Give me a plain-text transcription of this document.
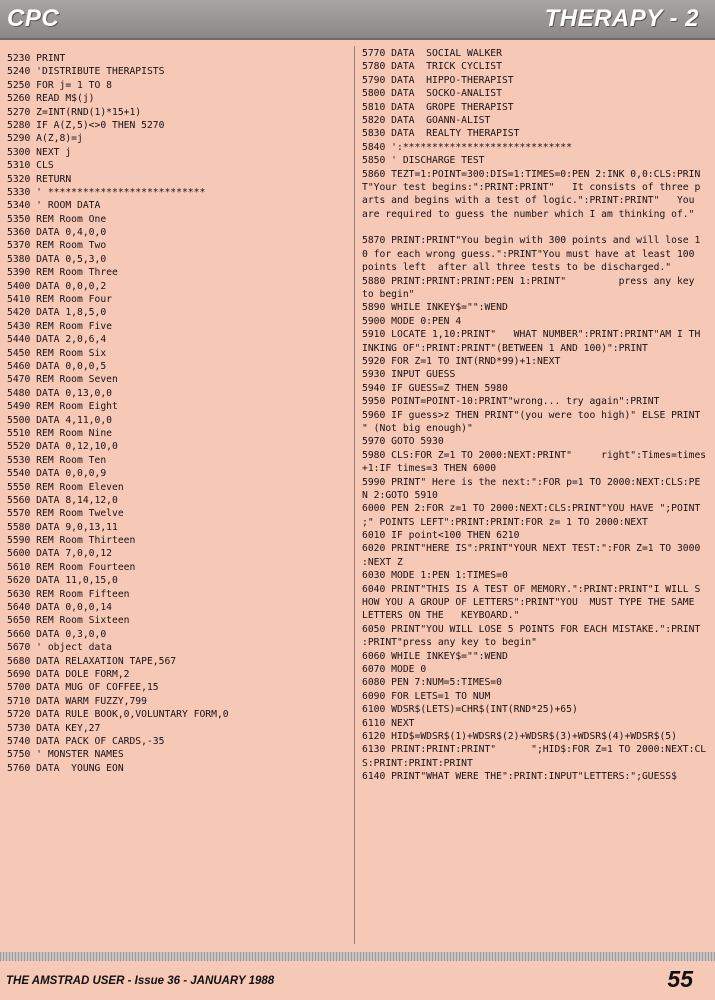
CPC	THERAPY - 2
5230 PRINT
5240 'DISTRIBUTE THERAPISTS
5250 FOR j= 1 TO 8
5260 READ M$(j)
5270 Z=INT(RND(1)*15+1)
5280 IF A(Z,5)<>0 THEN 5270
5290 A(Z,8)=j
5300 NEXT j
5310 CLS
5320 RETURN
5330 ' ***************************
5340 ' ROOM DATA
5350 REM Room One
5360 DATA 0,4,0,0
5370 REM Room Two
5380 DATA 0,5,3,0
5390 REM Room Three
5400 DATA 0,0,0,2
5410 REM Room Four
5420 DATA 1,8,5,0
5430 REM Room Five
5440 DATA 2,0,6,4
5450 REM Room Six
5460 DATA 0,0,0,5
5470 REM Room Seven
5480 DATA 0,13,0,0
5490 REM Room Eight
5500 DATA 4,11,0,0
5510 REM Room Nine
5520 DATA 0,12,10,0
5530 REM Room Ten
5540 DATA 0,0,0,9
5550 REM Room Eleven
5560 DATA 8,14,12,0
5570 REM Room Twelve
5580 DATA 9,0,13,11
5590 REM Room Thirteen
5600 DATA 7,0,0,12
5610 REM Room Fourteen
5620 DATA 11,0,15,0
5630 REM Room Fifteen
5640 DATA 0,0,0,14
5650 REM Room Sixteen
5660 DATA 0,3,0,0
5670 ' object data
5680 DATA RELAXATION TAPE,567
5690 DATA DOLE FORM,2
5700 DATA MUG OF COFFEE,15
5710 DATA WARM FUZZY,799
5720 DATA RULE BOOK,0,VOLUNTARY FORM,0
5730 DATA KEY,27
5740 DATA PACK OF CARDS,-35
5750 ' MONSTER NAMES
5760 DATA  YOUNG EON
5770 DATA  SOCIAL WALKER
5780 DATA  TRICK CYCLIST
5790 DATA  HIPPO-THERAPIST
5800 DATA  SOCKO-ANALIST
5810 DATA  GROPE THERAPIST
5820 DATA  GOANN-ALIST
5830 DATA  REALTY THERAPIST
5840 ':*****************************
5850 ' DISCHARGE TEST
5860 TEZT=1:POINT=300:DIS=1:TIMES=0:PEN 2:INK 0,0:CLS:PRIN
T"Your test begins:":PRINT:PRINT"   It consists of three p
arts and begins with a test of logic.":PRINT:PRINT"   You
are required to guess the number which I am thinking of."
5870 PRINT:PRINT"You begin with 300 points and will lose 1
0 for each wrong guess.":PRINT"You must have at least 100
points left  after all three tests to be discharged."
5880 PRINT:PRINT:PRINT:PEN 1:PRINT"         press any key
to begin"
5890 WHILE INKEY$="":WEND
5900 MODE 0:PEN 4
5910 LOCATE 1,10:PRINT"   WHAT NUMBER":PRINT:PRINT"AM I TH
INKING OF":PRINT:PRINT"(BETWEEN 1 AND 100)":PRINT
5920 FOR Z=1 TO INT(RND*99)+1:NEXT
5930 INPUT GUESS
5940 IF GUESS=Z THEN 5980
5950 POINT=POINT-10:PRINT"wrong... try again":PRINT
5960 IF guess>z THEN PRINT"(you were too high)" ELSE PRINT
" (Not big enough)"
5970 GOTO 5930
5980 CLS:FOR Z=1 TO 2000:NEXT:PRINT"     right":Times=times
+1:IF times=3 THEN 6000
5990 PRINT" Here is the next:":FOR p=1 TO 2000:NEXT:CLS:PE
N 2:GOTO 5910
6000 PEN 2:FOR z=1 TO 2000:NEXT:CLS:PRINT"YOU HAVE ";POINT
;" POINTS LEFT":PRINT:PRINT:FOR z= 1 TO 2000:NEXT
6010 IF point<100 THEN 6210
6020 PRINT"HERE IS":PRINT"YOUR NEXT TEST:":FOR Z=1 TO 3000
:NEXT Z
6030 MODE 1:PEN 1:TIMES=0
6040 PRINT"THIS IS A TEST OF MEMORY.":PRINT:PRINT"I WILL S
HOW YOU A GROUP OF LETTERS":PRINT"YOU  MUST TYPE THE SAME
LETTERS ON THE   KEYBOARD."
6050 PRINT"YOU WILL LOSE 5 POINTS FOR EACH MISTAKE.":PRINT
:PRINT"press any key to begin"
6060 WHILE INKEY$="":WEND
6070 MODE 0
6080 PEN 7:NUM=5:TIMES=0
6090 FOR LETS=1 TO NUM
6100 WDSR$(LETS)=CHR$(INT(RND*25)+65)
6110 NEXT
6120 HID$=WDSR$(1)+WDSR$(2)+WDSR$(3)+WDSR$(4)+WDSR$(5)
6130 PRINT:PRINT:PRINT"      ";HID$:FOR Z=1 TO 2000:NEXT:CL
S:PRINT:PRINT:PRINT
6140 PRINT"WHAT WERE THE":PRINT:INPUT"LETTERS:";GUESS$
THE AMSTRAD USER - Issue 36 - JANUARY 1988	55
